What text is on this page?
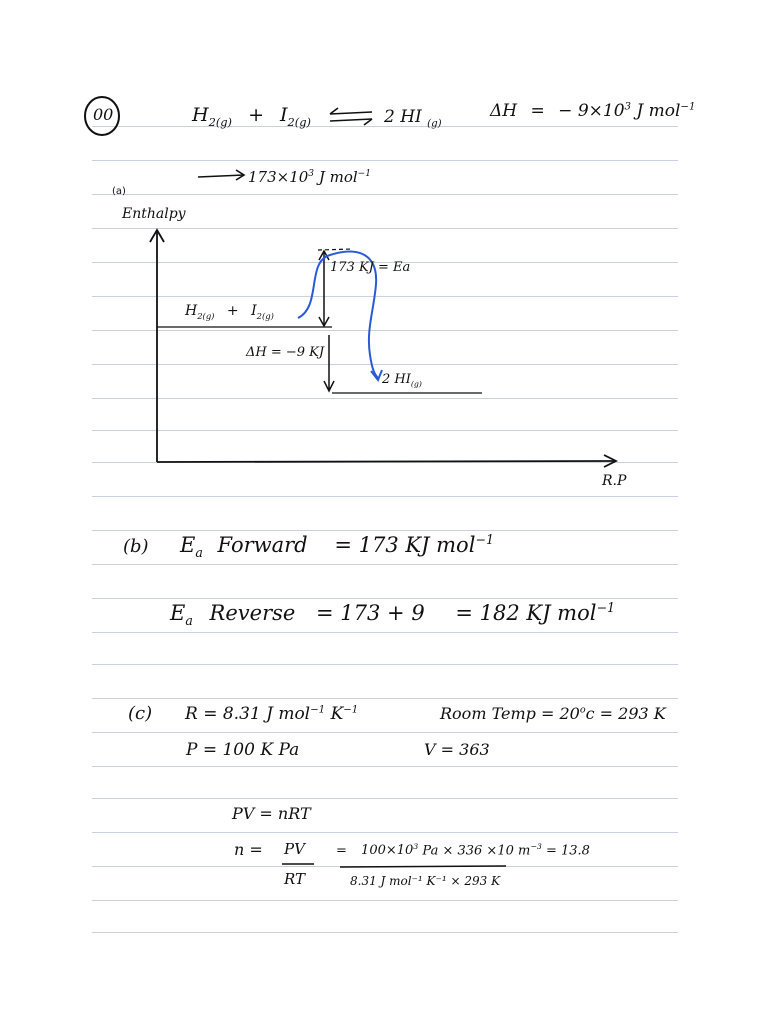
00	$H_{2(g)} + I_{2(g)}$	2 HI $_{(g)}$
ΔH = − $9\times 10^3$ J mol$^{-1}$
$173\times 10^3$ J mol$^{-1}$
(a)
Enthalpy
$H_{2(g)} + I_{2(g)}$
173 KJ = Ea
ΔH = −9 KJ
2 $HI_{(g)}$
R.P
(b) $E_a$ Forward = 173 KJ mol$^{-1}$
$E_a$ Reverse = 173 + 9 = 182 KJ mol$^{-1}$
(c) R = 8.31 J mol$^{-1}$ $K^{-1}$	Room Temp = $20^oc = 293$ K
P = 100 K Pa	V = 363
PV = nRT
n = PV
RT
= $100\times 10^3$ Pa × 336 ×10 $m^{-3} = 13.8$
8.31 J mol⁻¹ K⁻¹ × 293 K
